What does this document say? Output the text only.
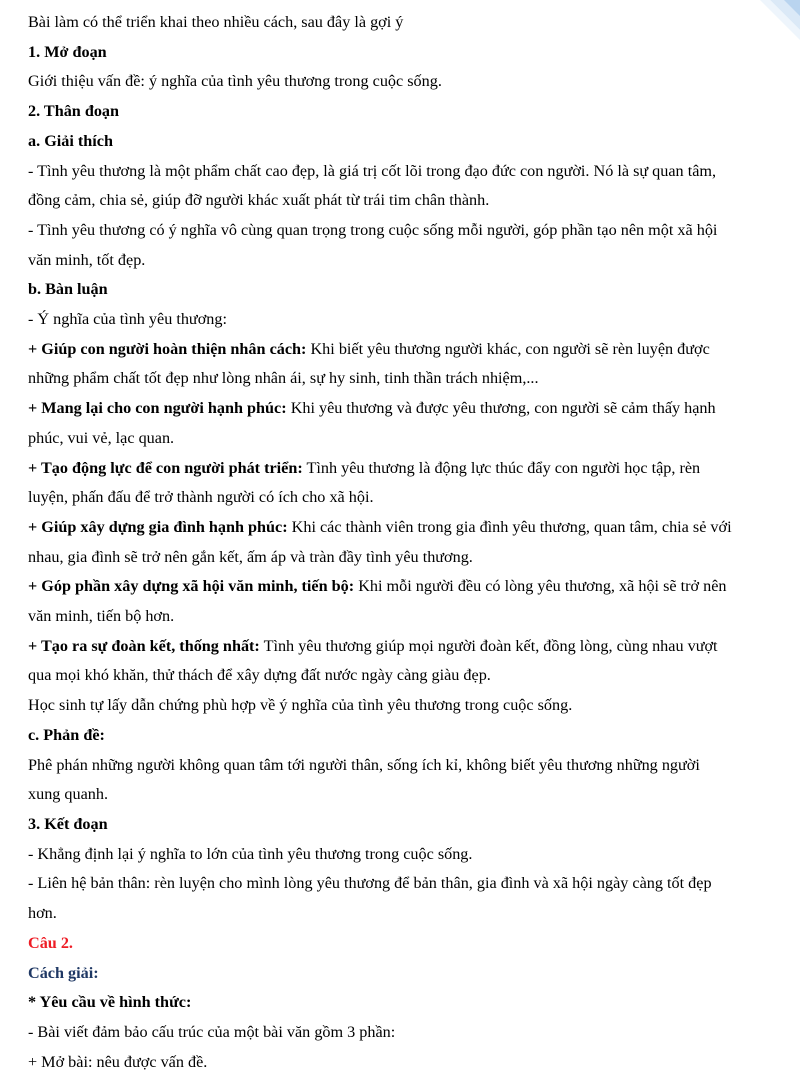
Bài làm có thể triển khai theo nhiều cách, sau đây là gợi ý

1. Mở đoạn

Giới thiệu vấn đề: ý nghĩa của tình yêu thương trong cuộc sống.

2. Thân đoạn

a. Giải thích

- Tình yêu thương là một phẩm chất cao đẹp, là giá trị cốt lõi trong đạo đức con người. Nó là sự quan tâm,

đồng cảm, chia sẻ, giúp đỡ người khác xuất phát từ trái tim chân thành.

- Tình yêu thương có ý nghĩa vô cùng quan trọng trong cuộc sống mỗi người, góp phần tạo nên một xã hội

văn minh, tốt đẹp.

b. Bàn luận

- Ý nghĩa của tình yêu thương:

+ Giúp con người hoàn thiện nhân cách: Khi biết yêu thương người khác, con người sẽ rèn luyện được

những phẩm chất tốt đẹp như lòng nhân ái, sự hy sinh, tinh thần trách nhiệm,...

+ Mang lại cho con người hạnh phúc: Khi yêu thương và được yêu thương, con người sẽ cảm thấy hạnh

phúc, vui vẻ, lạc quan.

+ Tạo động lực để con người phát triển: Tình yêu thương là động lực thúc đẩy con người học tập, rèn

luyện, phấn đấu để trở thành người có ích cho xã hội.

+ Giúp xây dựng gia đình hạnh phúc: Khi các thành viên trong gia đình yêu thương, quan tâm, chia sẻ với

nhau, gia đình sẽ trở nên gắn kết, ấm áp và tràn đầy tình yêu thương.

+ Góp phần xây dựng xã hội văn minh, tiến bộ: Khi mỗi người đều có lòng yêu thương, xã hội sẽ trở nên

văn minh, tiến bộ hơn.

+ Tạo ra sự đoàn kết, thống nhất: Tình yêu thương giúp mọi người đoàn kết, đồng lòng, cùng nhau vượt

qua mọi khó khăn, thử thách để xây dựng đất nước ngày càng giàu đẹp.

Học sinh tự lấy dẫn chứng phù hợp về ý nghĩa của tình yêu thương trong cuộc sống.

c. Phản đề:

Phê phán những người không quan tâm tới người thân, sống ích kỉ, không biết yêu thương những người

xung quanh.

3. Kết đoạn

- Khẳng định lại ý nghĩa to lớn của tình yêu thương trong cuộc sống.

- Liên hệ bản thân: rèn luyện cho mình lòng yêu thương để bản thân, gia đình và xã hội ngày càng tốt đẹp

hơn.

Câu 2.

Cách giải:

* Yêu cầu về hình thức:

- Bài viết đảm bảo cấu trúc của một bài văn gồm 3 phần:

+ Mở bài: nêu được vấn đề.
